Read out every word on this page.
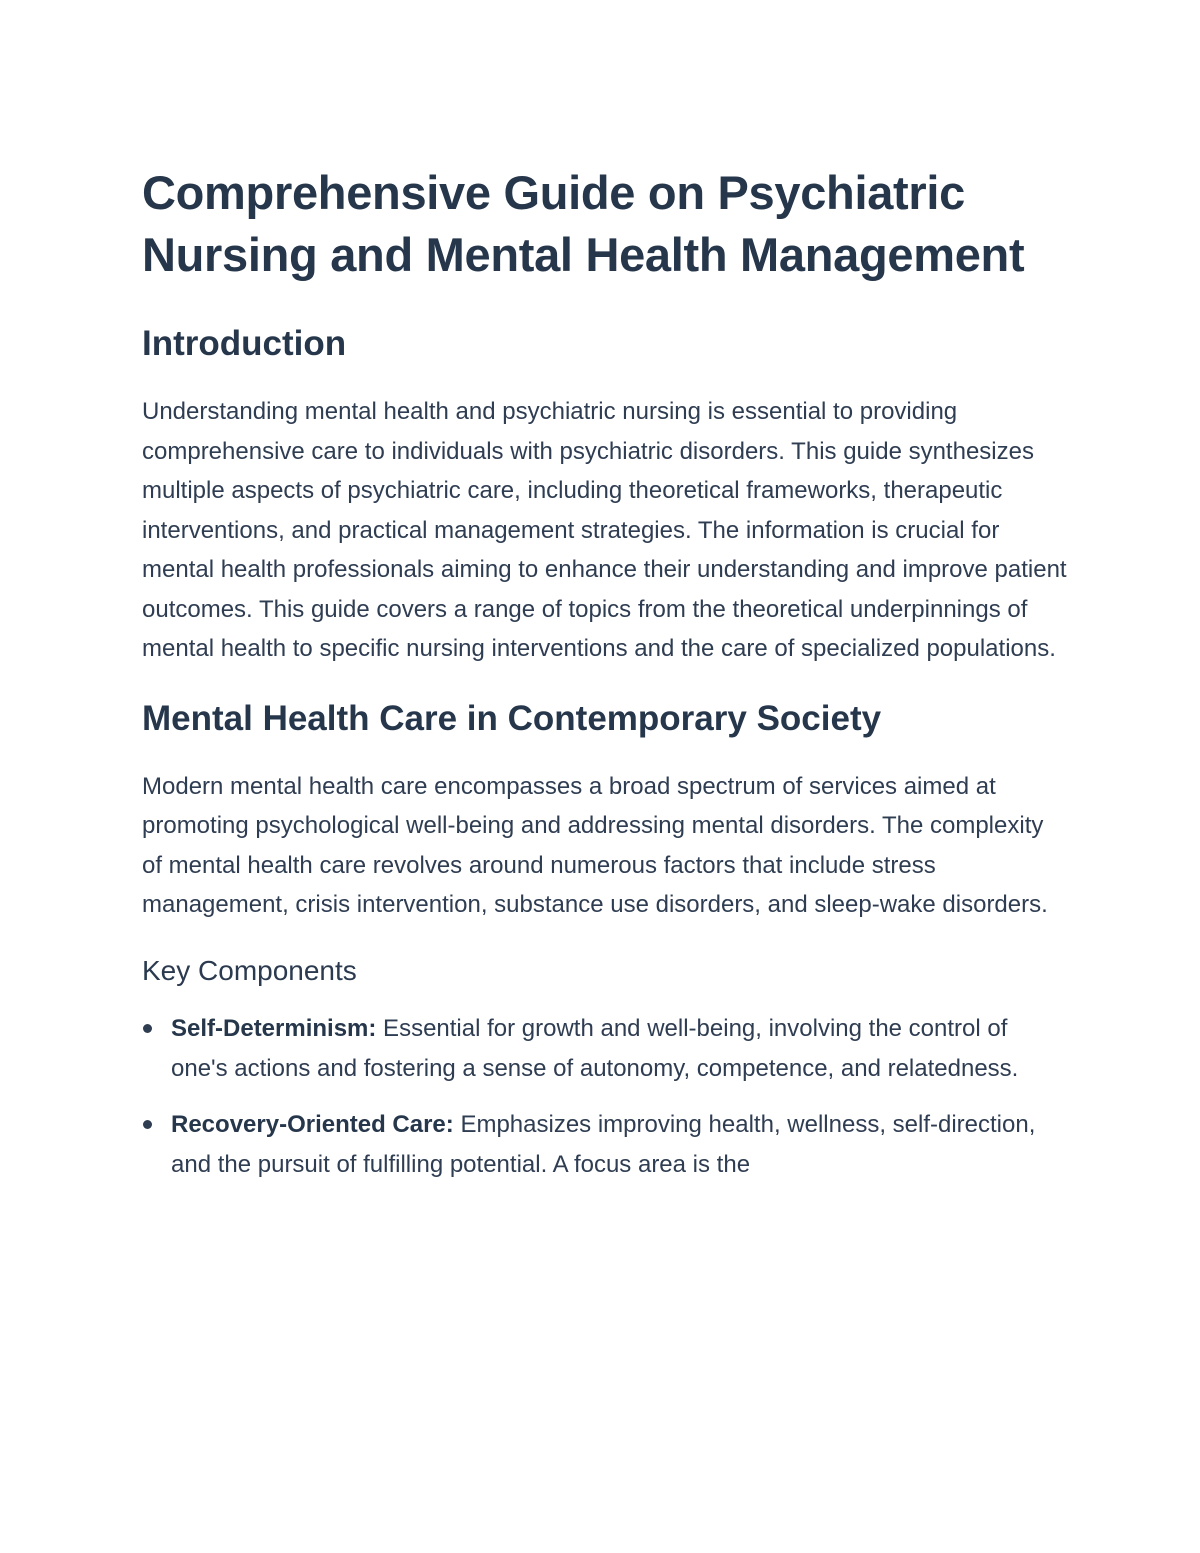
Comprehensive Guide on Psychiatric Nursing and Mental Health Management
Introduction

Understanding mental health and psychiatric nursing is essential to providing comprehensive care to individuals with psychiatric disorders. This guide synthesizes multiple aspects of psychiatric care, including theoretical frameworks, therapeutic interventions, and practical management strategies. The information is crucial for mental health professionals aiming to enhance their understanding and improve patient outcomes. This guide covers a range of topics from the theoretical underpinnings of mental health to specific nursing interventions and the care of specialized populations.

Mental Health Care in Contemporary Society

Modern mental health care encompasses a broad spectrum of services aimed at promoting psychological well-being and addressing mental disorders. The complexity of mental health care revolves around numerous factors that include stress management, crisis intervention, substance use disorders, and sleep-wake disorders.

Key Components
Self-Determinism: Essential for growth and well-being, involving the control of one's actions and fostering a sense of autonomy, competence, and relatedness.
Recovery-Oriented Care: Emphasizes improving health, wellness, self-direction, and the pursuit of fulfilling potential. A focus area is the
